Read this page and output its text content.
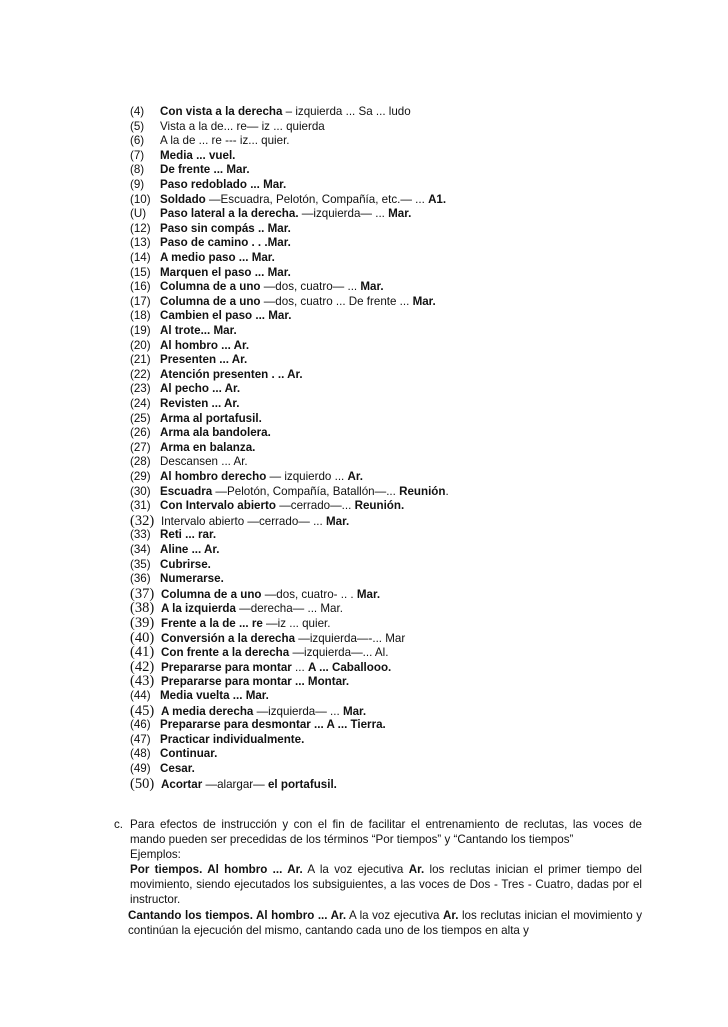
(4) Con vista a la derecha – izquierda ... Sa ... ludo
(5) Vista a la de... re— iz ... quierda
(6) A la de ... re --- iz... quier.
(7) Media ... vuel.
(8) De frente ... Mar.
(9) Paso redoblado ... Mar.
(10) Soldado —Escuadra, Pelotón, Compañía, etc.— ... A1.
(U) Paso lateral a la derecha. —izquierda— ... Mar.
(12) Paso sin compás .. Mar.
(13) Paso de camino . . .Mar.
(14) A medio paso ... Mar.
(15) Marquen el paso ... Mar.
(16) Columna de a uno —dos, cuatro— ... Mar.
(17) Columna de a uno —dos, cuatro ... De frente ... Mar.
(18) Cambien el paso ... Mar.
(19) Al trote... Mar.
(20) Al hombro ... Ar.
(21) Presenten ... Ar.
(22) Atención presenten . .. Ar.
(23) Al pecho ... Ar.
(24) Revisten ... Ar.
(25) Arma al portafusil.
(26) Arma ala bandolera.
(27) Arma en balanza.
(28) Descansen ... Ar.
(29) Al hombro derecho — izquierdo ... Ar.
(30) Escuadra —Pelotón, Compañía, Batallón—... Reunión.
(31) Con Intervalo abierto —cerrado—... Reunión.
(32) Intervalo abierto —cerrado— ... Mar.
(33) Reti ... rar.
(34) Aline ... Ar.
(35) Cubrirse.
(36) Numerarse.
(37) Columna de a uno —dos, cuatro- .. . Mar.
(38) A la izquierda —derecha— ... Mar.
(39) Frente a la de ... re —iz ... quier.
(40) Conversión a la derecha —izquierda—-... Mar
(41) Con frente a la derecha —izquierda—... Al.
(42) Prepararse para montar ... A ... Caballooo.
(43) Prepararse para montar ... Montar.
(44) Media vuelta ... Mar.
(45) A media derecha —izquierda— ... Mar.
(46) Prepararse para desmontar ... A ... Tierra.
(47) Practicar individualmente.
(48) Continuar.
(49) Cesar.
(50) Acortar —alargar— el portafusil.
c. Para efectos de instrucción y con el fin de facilitar el entrenamiento de reclutas, las voces de mando pueden ser precedidas de los términos “Por tiempos” y “Cantando los tiempos”

Ejemplos:

Por tiempos. Al hombro ... Ar. A la voz ejecutiva Ar. los reclutas inician el primer tiempo del movimiento, siendo ejecutados los subsiguientes, a las voces de Dos - Tres - Cuatro, dadas por el instructor.

Cantando los tiempos. Al hombro ... Ar. A la voz ejecutiva Ar. los reclutas inician el movimiento y continúan la ejecución del mismo, cantando cada uno de los tiempos en alta y
